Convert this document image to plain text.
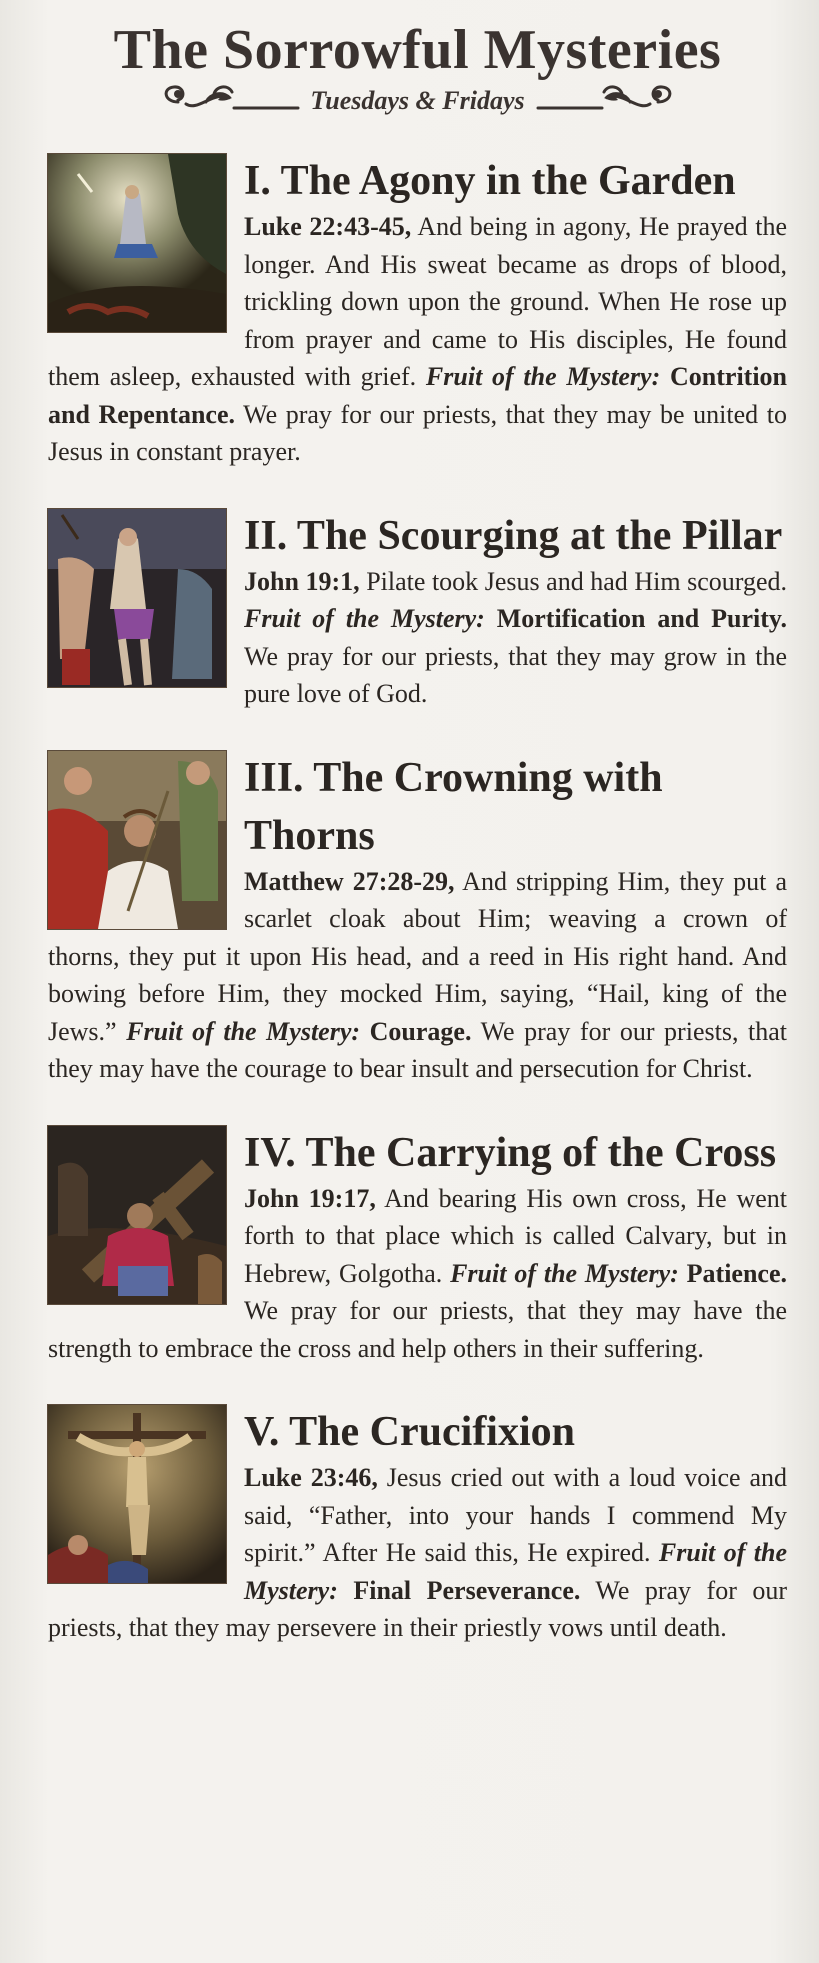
The Sorrowful Mysteries
Tuesdays & Fridays
I. The Agony in the Garden

Luke 22:43-45, And being in agony, He prayed the longer. And His sweat became as drops of blood, trickling down upon the ground. When He rose up from prayer and came to His disciples, He found them asleep, exhausted with grief. Fruit of the Mystery: Contrition and Repentance. We pray for our priests, that they may be united to Jesus in constant prayer.

II. The Scourging at the Pillar

John 19:1, Pilate took Jesus and had Him scourged. Fruit of the Mystery: Mortification and Purity. We pray for our priests, that they may grow in the pure love of God.

III. The Crowning with Thorns

Matthew 27:28-29, And stripping Him, they put a scarlet cloak about Him; weaving a crown of thorns, they put it upon His head, and a reed in His right hand. And bowing before Him, they mocked Him, saying, “Hail, king of the Jews.” Fruit of the Mystery: Courage. We pray for our priests, that they may have the courage to bear insult and persecution for Christ.

IV. The Carrying of the Cross

John 19:17, And bearing His own cross, He went forth to that place which is called Calvary, but in Hebrew, Golgotha. Fruit of the Mystery: Patience. We pray for our priests, that they may have the strength to embrace the cross and help others in their suffering.

V. The Crucifixion

Luke 23:46, Jesus cried out with a loud voice and said, “Father, into your hands I commend My spirit.” After He said this, He expired. Fruit of the Mystery: Final Perseverance. We pray for our priests, that they may persevere in their priestly vows until death.
